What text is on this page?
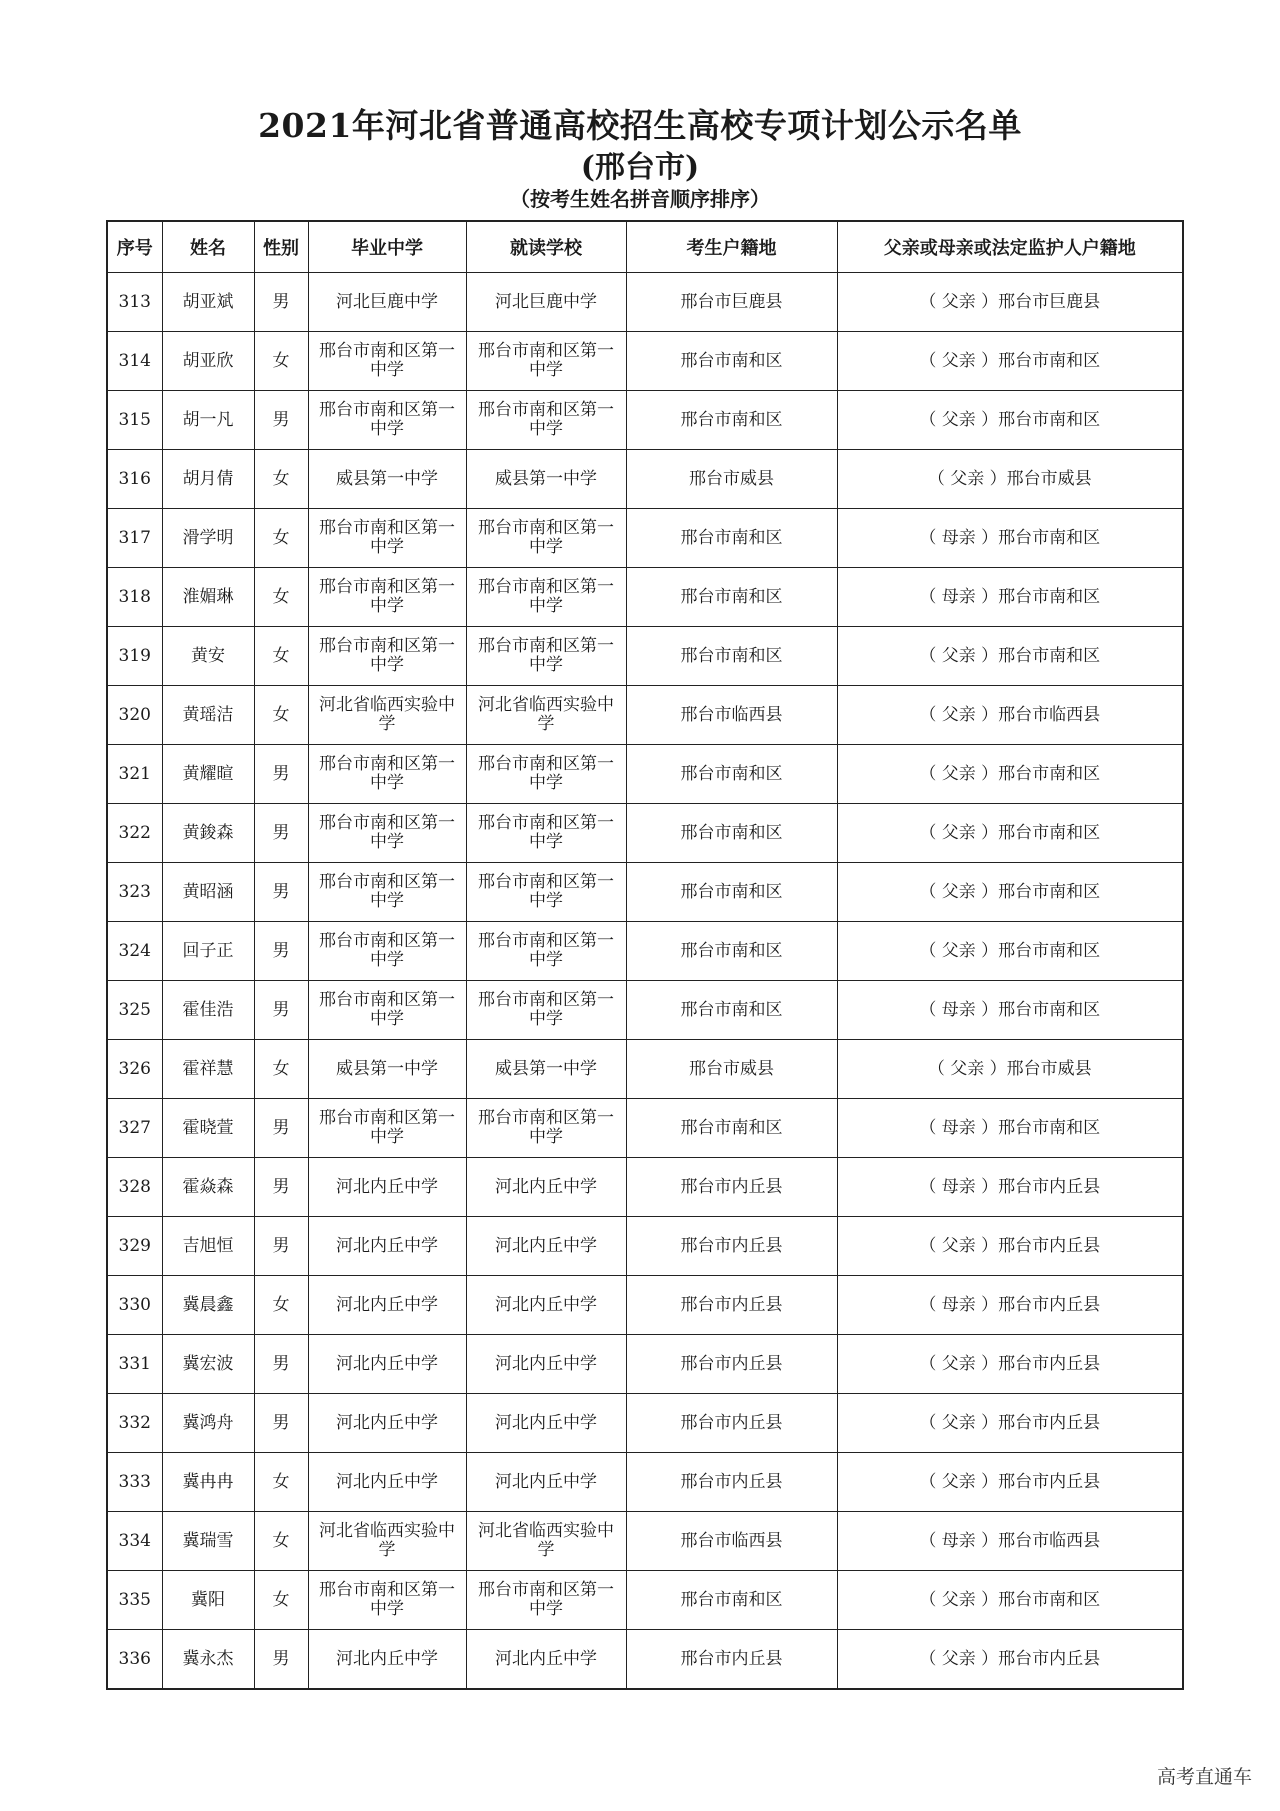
2021年河北省普通高校招生高校专项计划公示名单
(邢台市)
（按考生姓名拼音顺序排序）
序号	姓名	性别	毕业中学	就读学校	考生户籍地	父亲或母亲或法定监护人户籍地
313	胡亚斌	男	河北巨鹿中学	河北巨鹿中学	邢台市巨鹿县	（ 父亲 ）邢台市巨鹿县
314	胡亚欣	女	邢台市南和区第一中学	邢台市南和区第一中学	邢台市南和区	（ 父亲 ）邢台市南和区
315	胡一凡	男	邢台市南和区第一中学	邢台市南和区第一中学	邢台市南和区	（ 父亲 ）邢台市南和区
316	胡月倩	女	威县第一中学	威县第一中学	邢台市威县	（ 父亲 ）邢台市威县
317	滑学明	女	邢台市南和区第一中学	邢台市南和区第一中学	邢台市南和区	（ 母亲 ）邢台市南和区
318	淮媚琳	女	邢台市南和区第一中学	邢台市南和区第一中学	邢台市南和区	（ 母亲 ）邢台市南和区
319	黄安	女	邢台市南和区第一中学	邢台市南和区第一中学	邢台市南和区	（ 父亲 ）邢台市南和区
320	黄瑶洁	女	河北省临西实验中学	河北省临西实验中学	邢台市临西县	（ 父亲 ）邢台市临西县
321	黄耀暄	男	邢台市南和区第一中学	邢台市南和区第一中学	邢台市南和区	（ 父亲 ）邢台市南和区
322	黄鋑森	男	邢台市南和区第一中学	邢台市南和区第一中学	邢台市南和区	（ 父亲 ）邢台市南和区
323	黄昭涵	男	邢台市南和区第一中学	邢台市南和区第一中学	邢台市南和区	（ 父亲 ）邢台市南和区
324	回子正	男	邢台市南和区第一中学	邢台市南和区第一中学	邢台市南和区	（ 父亲 ）邢台市南和区
325	霍佳浩	男	邢台市南和区第一中学	邢台市南和区第一中学	邢台市南和区	（ 母亲 ）邢台市南和区
326	霍祥慧	女	威县第一中学	威县第一中学	邢台市威县	（ 父亲 ）邢台市威县
327	霍晓萱	男	邢台市南和区第一中学	邢台市南和区第一中学	邢台市南和区	（ 母亲 ）邢台市南和区
328	霍焱森	男	河北内丘中学	河北内丘中学	邢台市内丘县	（ 母亲 ）邢台市内丘县
329	吉旭恒	男	河北内丘中学	河北内丘中学	邢台市内丘县	（ 父亲 ）邢台市内丘县
330	冀晨鑫	女	河北内丘中学	河北内丘中学	邢台市内丘县	（ 母亲 ）邢台市内丘县
331	冀宏波	男	河北内丘中学	河北内丘中学	邢台市内丘县	（ 父亲 ）邢台市内丘县
332	冀鸿舟	男	河北内丘中学	河北内丘中学	邢台市内丘县	（ 父亲 ）邢台市内丘县
333	冀冉冉	女	河北内丘中学	河北内丘中学	邢台市内丘县	（ 父亲 ）邢台市内丘县
334	冀瑞雪	女	河北省临西实验中学	河北省临西实验中学	邢台市临西县	（ 母亲 ）邢台市临西县
335	冀阳	女	邢台市南和区第一中学	邢台市南和区第一中学	邢台市南和区	（ 父亲 ）邢台市南和区
336	冀永杰	男	河北内丘中学	河北内丘中学	邢台市内丘县	（ 父亲 ）邢台市内丘县
高考直通车
